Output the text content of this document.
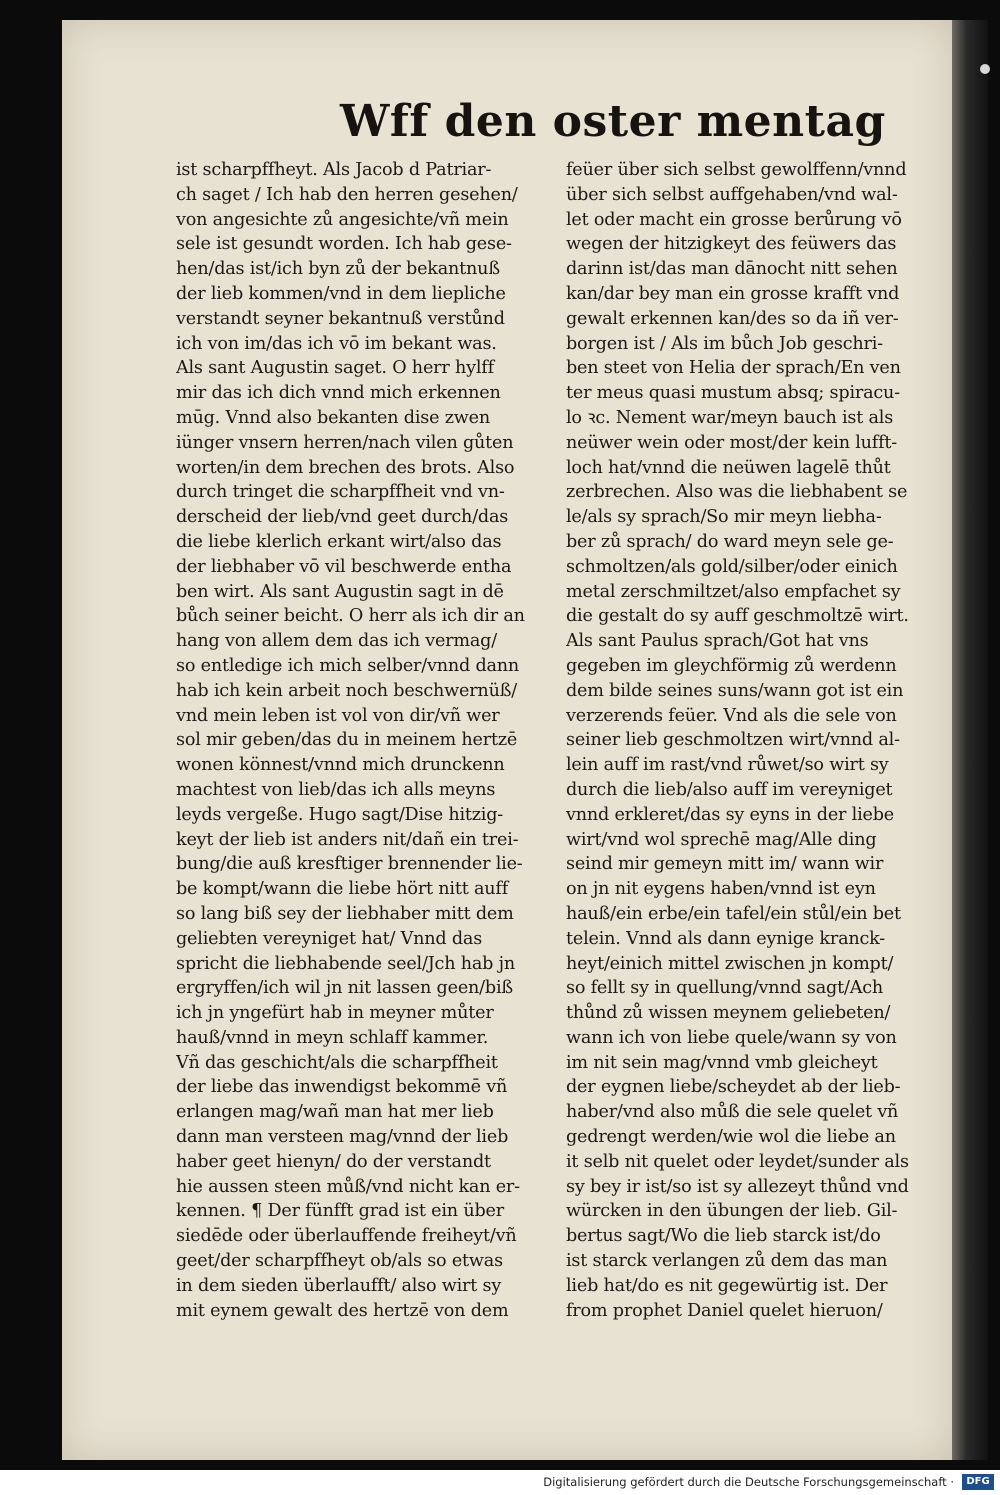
Wff den oster mentag
ist scharpffheyt. Als Jacob d Patriar-
ch saget / Ich hab den herren gesehen/
von angesichte zů angesichte/vñ mein
sele ist gesundt worden. Ich hab gese-
hen/das ist/ich byn zů der bekantnuß
der lieb kommen/vnd in dem liepliche
verstandt seyner bekantnuß verstůnd
ich von im/das ich vō im bekant was.
Als sant Augustin saget. O herr hylff
mir das ich dich vnnd mich erkennen
mūg. Vnnd also bekanten dise zwen
iünger vnsern herren/nach vilen gůten
worten/in dem brechen des brots. Also
durch tringet die scharpffheit vnd vn-
derscheid der lieb/vnd geet durch/das
die liebe klerlich erkant wirt/also das
der liebhaber vō vil beschwerde entha
ben wirt. Als sant Augustin sagt in dē
bůch seiner beicht. O herr als ich dir an
hang von allem dem das ich vermag/
so entledige ich mich selber/vnnd dann
hab ich kein arbeit noch beschwernüß/
vnd mein leben ist vol von dir/vñ wer
sol mir geben/das du in meinem hertzē
wonen könnest/vnnd mich drunckenn
machtest von lieb/das ich alls meyns
leyds vergeße. Hugo sagt/Dise hitzig-
keyt der lieb ist anders nit/dañ ein trei-
bung/die auß kresftiger brennender lie-
be kompt/wann die liebe hört nitt auff
so lang biß sey der liebhaber mitt dem
geliebten vereyniget hat/ Vnnd das
spricht die liebhabende seel/Jch hab jn
ergryffen/ich wil jn nit lassen geen/biß
ich jn yngefürt hab in meyner můter
hauß/vnnd in meyn schlaff kammer.
Vñ das geschicht/als die scharpffheit
der liebe das inwendigst bekommē vñ
erlangen mag/wañ man hat mer lieb
dann man versteen mag/vnnd der lieb
haber geet hienyn/ do der verstandt
hie aussen steen můß/vnd nicht kan er-
kennen. ¶ Der fünfft grad ist ein über
siedēde oder überlauffende freiheyt/vñ
geet/der scharpffheyt ob/als so etwas
in dem sieden überlaufft/ also wirt sy
mit eynem gewalt des hertzē von dem
feüer über sich selbst gewolffenn/vnnd
über sich selbst auffgehaben/vnd wal-
let oder macht ein grosse berůrung vō
wegen der hitzigkeyt des feüwers das
darinn ist/das man dānocht nitt sehen
kan/dar bey man ein grosse krafft vnd
gewalt erkennen kan/des so da iñ ver-
borgen ist / Als im bůch Job geschri-
ben steet von Helia der sprach/En ven
ter meus quasi mustum absq; spiracu-
lo ꝛc. Nement war/meyn bauch ist als
neüwer wein oder most/der kein lufft-
loch hat/vnnd die neüwen lagelē thůt
zerbrechen. Also was die liebhabent se
le/als sy sprach/So mir meyn liebha-
ber zů sprach/ do ward meyn sele ge-
schmoltzen/als gold/silber/oder einich
metal zerschmiltzet/also empfachet sy
die gestalt do sy auff geschmoltzē wirt.
Als sant Paulus sprach/Got hat vns
gegeben im gleychförmig zů werdenn
dem bilde seines suns/wann got ist ein
verzerends feüer. Vnd als die sele von
seiner lieb geschmoltzen wirt/vnnd al-
lein auff im rast/vnd růwet/so wirt sy
durch die lieb/also auff im vereyniget
vnnd erkleret/das sy eyns in der liebe
wirt/vnd wol sprechē mag/Alle ding
seind mir gemeyn mitt im/ wann wir
on jn nit eygens haben/vnnd ist eyn
hauß/ein erbe/ein tafel/ein stůl/ein bet
telein. Vnnd als dann eynige kranck-
heyt/einich mittel zwischen jn kompt/
so fellt sy in quellung/vnnd sagt/Ach
thůnd zů wissen meynem geliebeten/
wann ich von liebe quele/wann sy von
im nit sein mag/vnnd vmb gleicheyt
der eygnen liebe/scheydet ab der lieb-
haber/vnd also můß die sele quelet vñ
gedrengt werden/wie wol die liebe an
it selb nit quelet oder leydet/sunder als
sy bey ir ist/so ist sy allezeyt thůnd vnd
würcken in den übungen der lieb. Gil-
bertus sagt/Wo die lieb starck ist/do
ist starck verlangen zů dem das man
lieb hat/do es nit gegewürtig ist. Der
from prophet Daniel quelet hieruon/
Digitalisierung gefördert durch die Deutsche Forschungsgemeinschaft ·	DFG
